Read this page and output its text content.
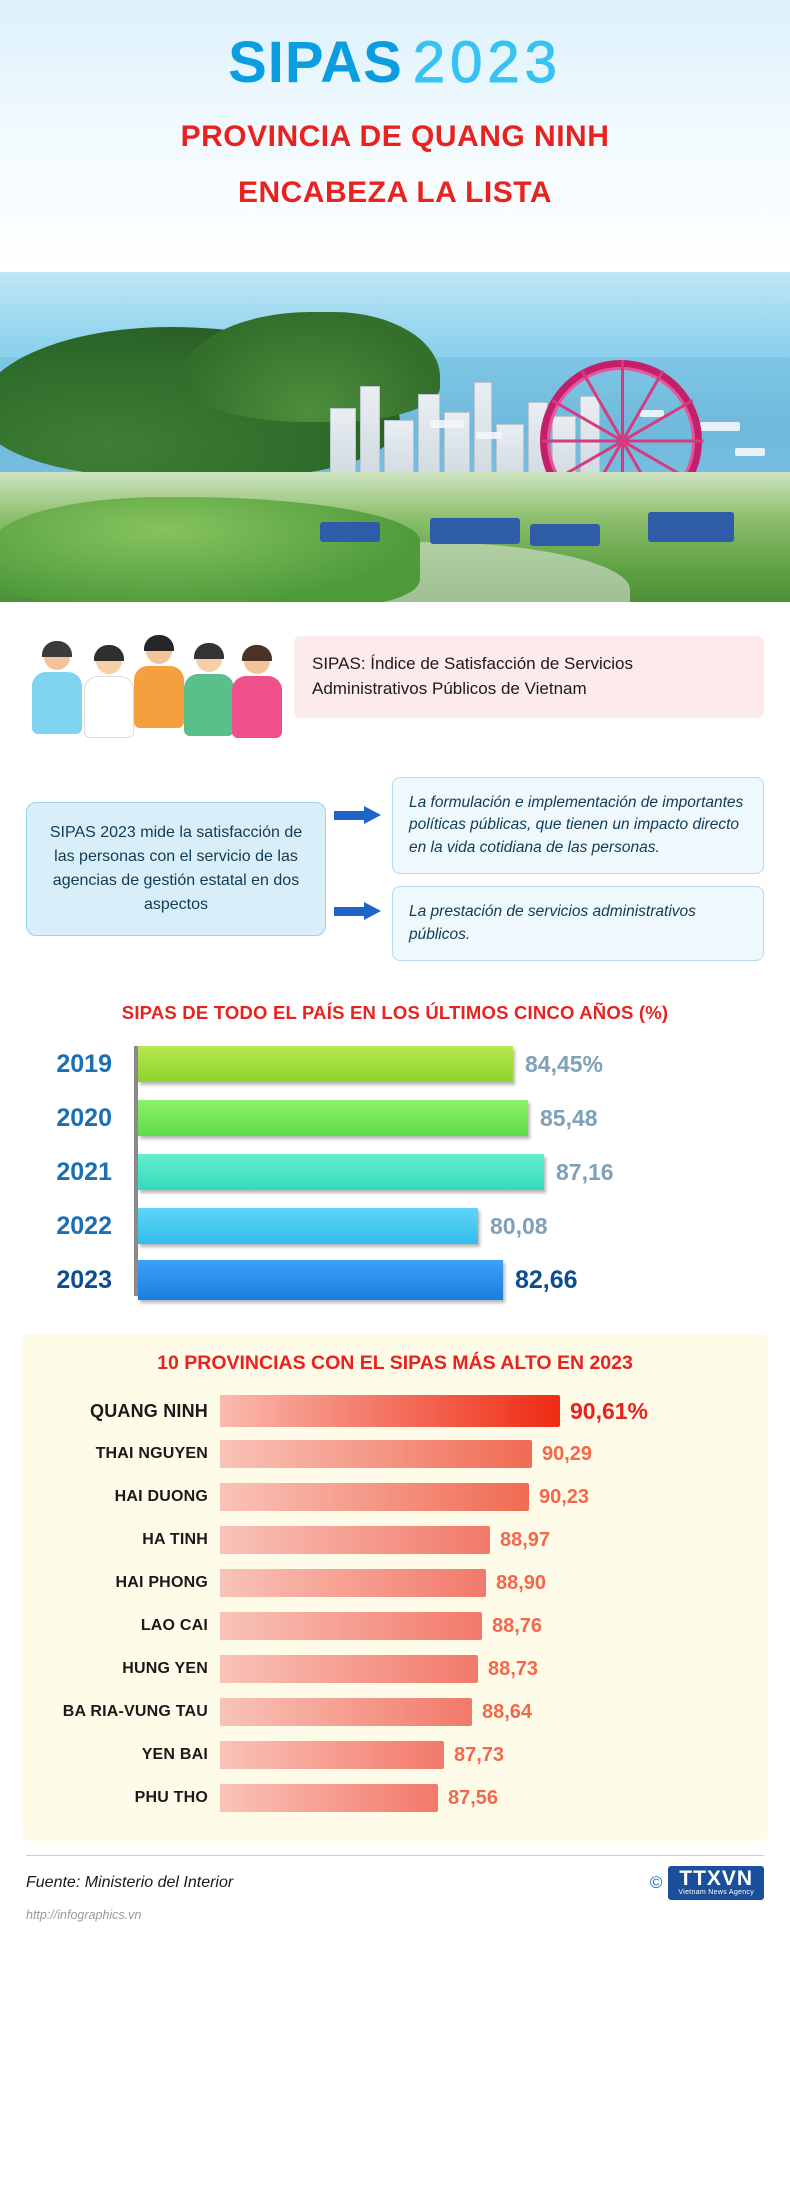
SIPAS 2023
PROVINCIA DE QUANG NINH
ENCABEZA LA LISTA
SIPAS: Índice de Satisfacción de Servicios Administrativos Públicos de Vietnam
SIPAS 2023 mide la satisfacción de las personas con el servicio de las agencias de gestión estatal en dos aspectos
La formulación e implementación de importantes políticas públicas, que tienen un impacto directo en la vida cotidiana de las personas.
La prestación de servicios administrativos públicos.
SIPAS DE TODO EL PAÍS EN LOS ÚLTIMOS CINCO AÑOS (%)
2019	84,45%
2020	85,48
2021	87,16
2022	80,08
2023	82,66
10 PROVINCIAS CON EL SIPAS MÁS ALTO EN 2023
QUANG NINH	90,61%
THAI NGUYEN	90,29
HAI DUONG	90,23
HA TINH	88,97
HAI PHONG	88,90
LAO CAI	88,76
HUNG YEN	88,73
BA RIA-VUNG TAU	88,64
YEN BAI	87,73
PHU THO	87,56
Fuente: Ministerio del Interior	© TTXVN
Vietnam News Agency
http://infographics.vn
